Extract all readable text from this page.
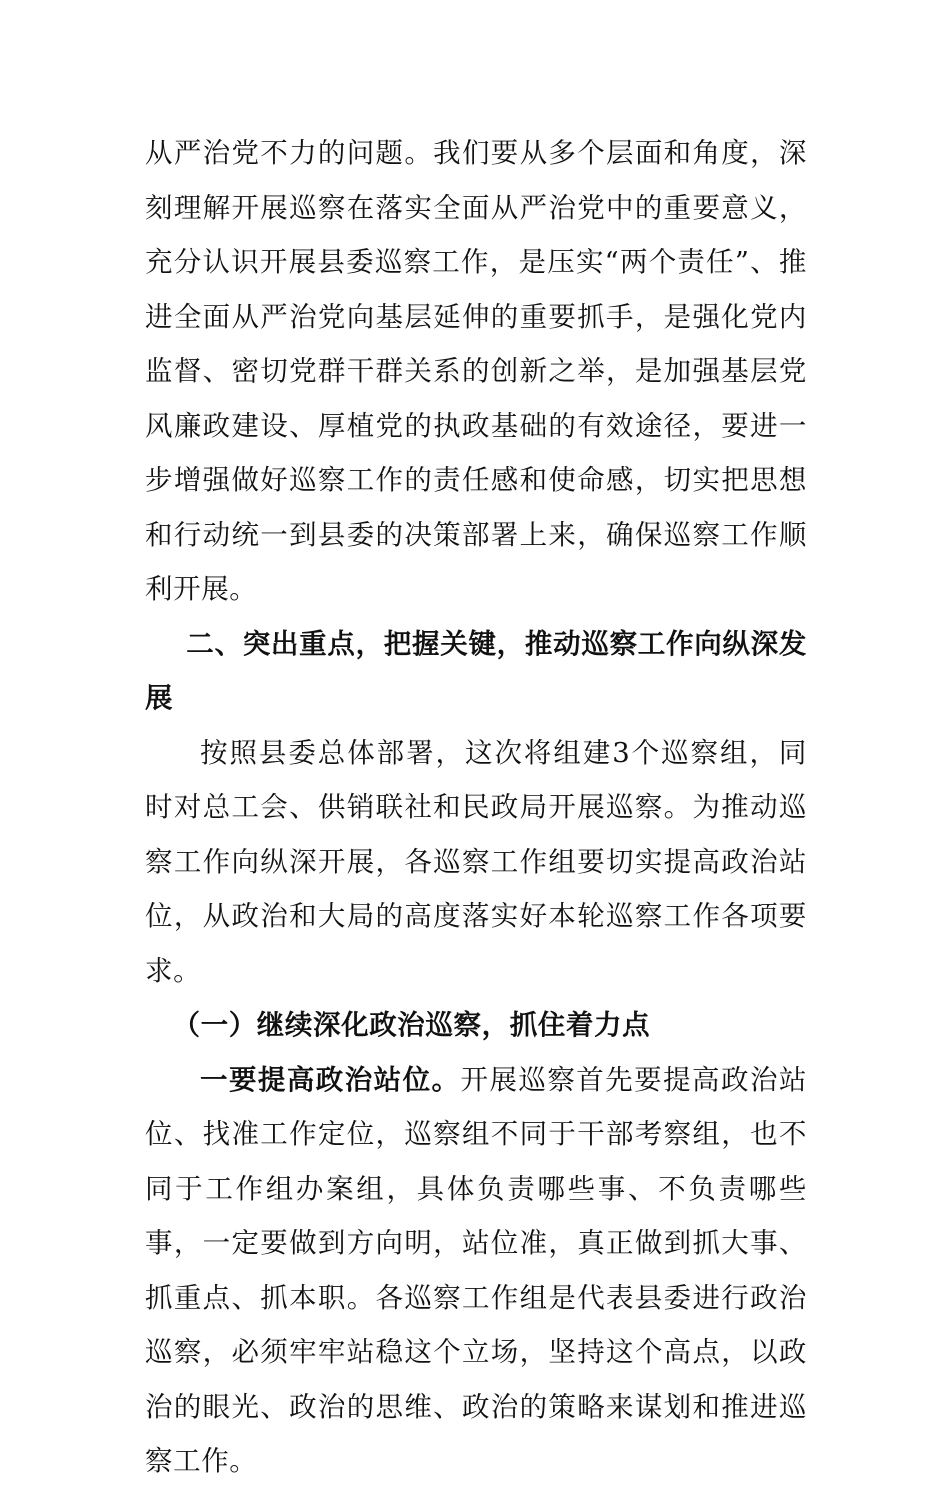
从严治党不力的问题。我们要从多个层面和角度，深刻理解开展巡察在落实全面从严治党中的重要意义，充分认识开展县委巡察工作，是压实“两个责任”、推进全面从严治党向基层延伸的重要抓手，是强化党内监督、密切党群干群关系的创新之举，是加强基层党风廉政建设、厚植党的执政基础的有效途径，要进一步增强做好巡察工作的责任感和使命感，切实把思想和行动统一到县委的决策部署上来，确保巡察工作顺利开展。

二、突出重点，把握关键，推动巡察工作向纵深发展

按照县委总体部署，这次将组建3个巡察组，同时对总工会、供销联社和民政局开展巡察。为推动巡察工作向纵深开展，各巡察工作组要切实提高政治站位，从政治和大局的高度落实好本轮巡察工作各项要求。

（一）继续深化政治巡察，抓住着力点

一要提高政治站位。开展巡察首先要提高政治站位、找准工作定位，巡察组不同于干部考察组，也不同于工作组办案组，具体负责哪些事、不负责哪些事，一定要做到方向明，站位准，真正做到抓大事、抓重点、抓本职。各巡察工作组是代表县委进行政治巡察，必须牢牢站稳这个立场，坚持这个高点，以政治的眼光、政治的思维、政治的策略来谋划和推进巡察工作。
